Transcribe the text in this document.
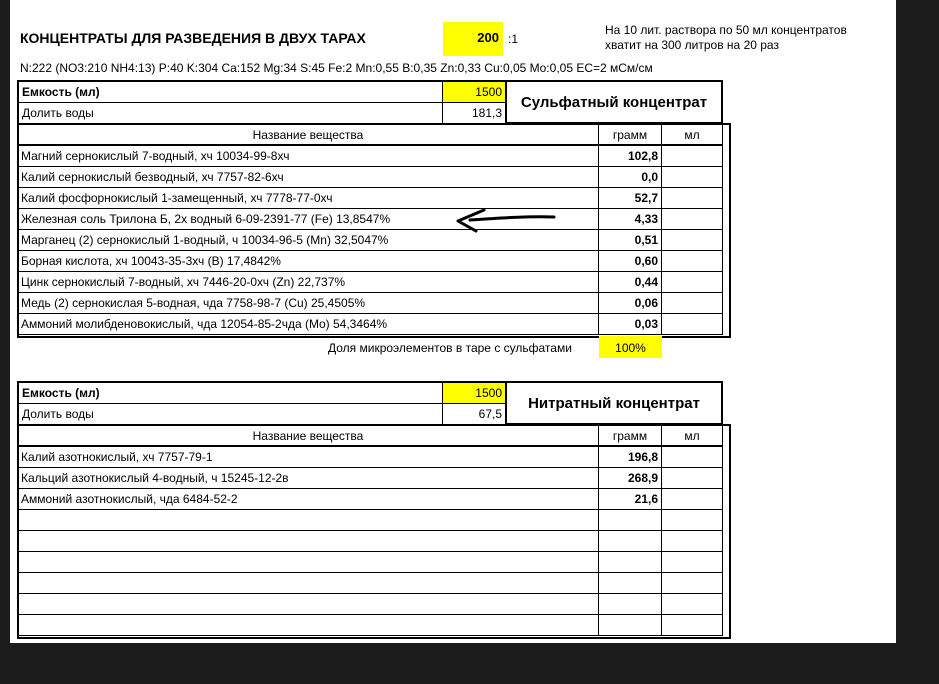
КОНЦЕНТРАТЫ ДЛЯ РАЗВЕДЕНИЯ В ДВУХ ТАРАХ	200 :1
На 10 лит. раствора по 50 мл концентратов
хватит на 300 литров на 20 раз
N:222 (NO3:210 NH4:13) P:40 K:304 Ca:152 Mg:34 S:45 Fe:2 Mn:0,55 B:0,35 Zn:0,33 Cu:0,05 Mo:0,05 EC=2 мСм/см
Емкость (мл)	1500
Долить воды	181,3
Сульфатный концентрат
Название вещества	грамм	мл
Магний сернокислый 7-водный, хч 10034-99-8хч	102,8	
Калий сернокислый безводный, хч 7757-82-6хч	0,0	
Калий фосфорнокислый 1-замещенный, хч 7778-77-0хч	52,7	
Железная соль Трилона Б, 2х водный 6-09-2391-77 (Fe) 13,8547%	4,33	
Марганец (2) сернокислый 1-водный, ч 10034-96-5 (Mn) 32,5047%	0,51	
Борная кислота, хч 10043-35-3хч (B) 17,4842%	0,60	
Цинк сернокислый 7-водный, хч 7446-20-0хч (Zn) 22,737%	0,44	
Медь (2) сернокислая 5-водная, чда 7758-98-7 (Cu) 25,4505%	0,06	
Аммоний молибденовокислый, чда 12054-85-2чда (Mo) 54,3464%	0,03	
Доля микроэлементов в таре с сульфатами	100%
Емкость (мл)	1500
Долить воды	67,5
Нитратный концентрат
Название вещества	грамм	мл
Калий азотнокислый, хч 7757-79-1	196,8	
Кальций азотнокислый 4-водный, ч 15245-12-2в	268,9	
Аммоний азотнокислый, чда 6484-52-2	21,6	
